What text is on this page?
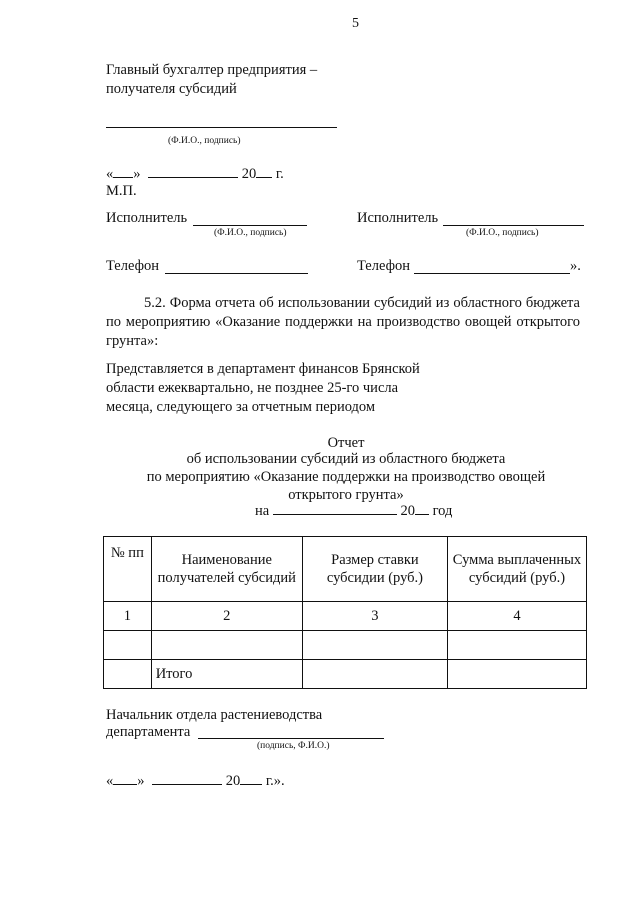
5
Главный бухгалтер предприятия –
получателя субсидий
(Ф.И.О., подпись)
« »	20 г.
М.П.
Исполнитель
(Ф.И.О., подпись)
Исполнитель
(Ф.И.О., подпись)
Телефон	Телефон	».
5.2. Форма отчета об использовании субсидий из областного бюджета по мероприятию «Оказание поддержки на производство овощей открытого грунта»:
Представляется в департамент финансов Брянской
области ежеквартально, не позднее 25-го числа
месяца, следующего за отчетным периодом
Отчет
об использовании субсидий из областного бюджета
по мероприятию «Оказание поддержки на производство овощей
открытого грунта»
на	20 год
№ пп	Наименование получателей субсидий	Размер ставки субсидии (руб.)	Сумма выплаченных субсидий (руб.)
1	2	3	4

	Итого		
Начальник отдела растениеводства
департамента
(подпись, Ф.И.О.)
« »	20 г.».
